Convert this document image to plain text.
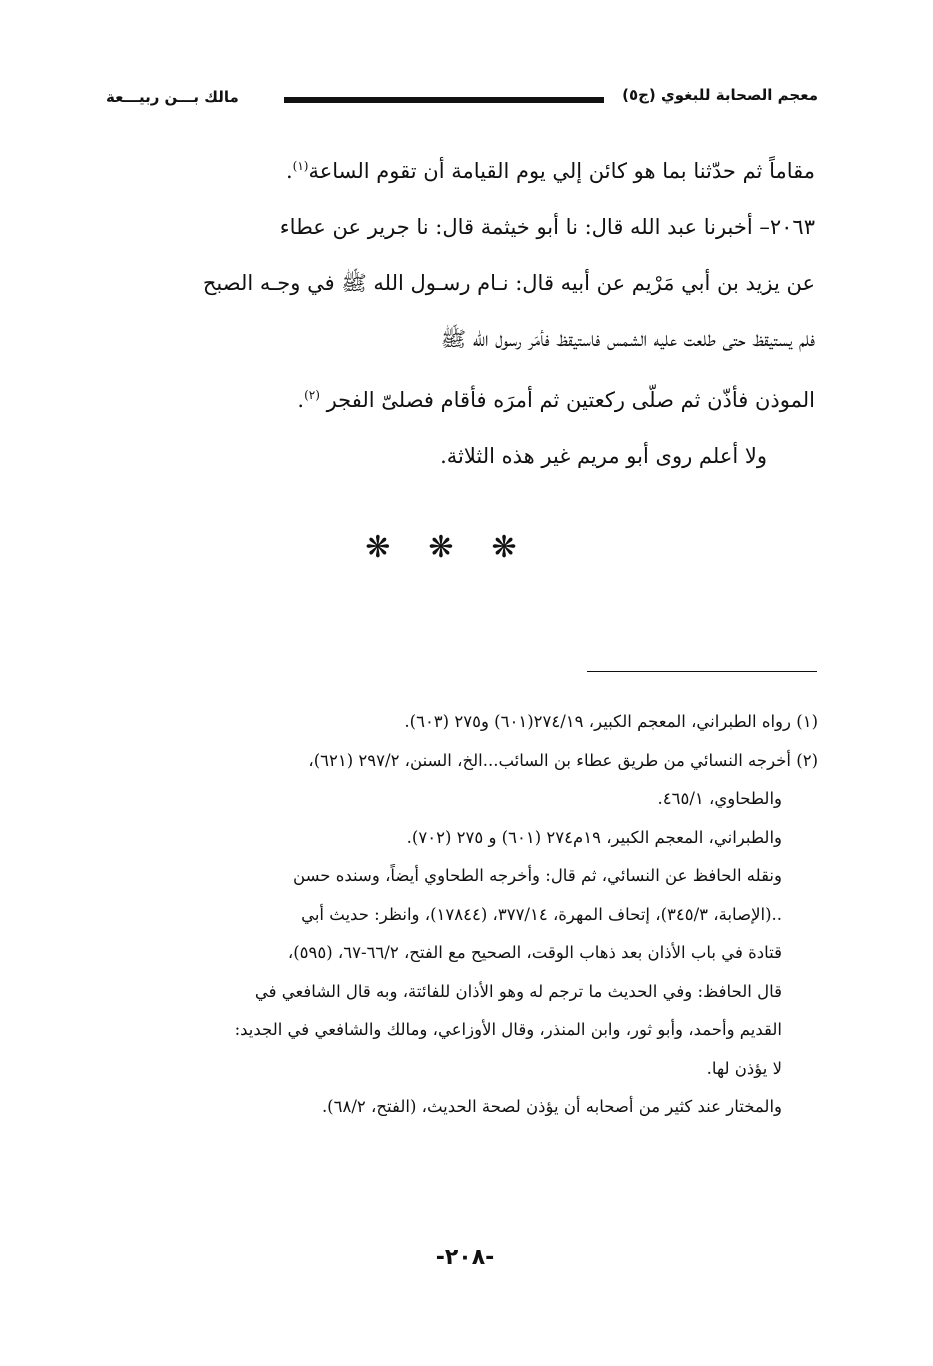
معجم الصحابة للبغوي (ج٥)
مالك بـــن ربيـــعة
مقاماً ثم حدّثنا بما هو كائن إلي يوم القيامة أن تقوم الساعة$^{(١)}$.
٢٠٦٣– أخبرنا عبد الله قال: نا أبو خيثمة قال: نا جرير عن عطاء
عن يزيد بن أبي مَرْيم عن أبيه قال: نـام رسـول الله ﷺ في وجـه الصبح
فلم يستيقظ حتى طلعت عليه الشمس فاستيقظ فأمَر رسول الله ﷺ
الموذن فأذّن ثم صلّى ركعتين ثم أمرَه فأقام فصلىّ الفجر $^{(٢)}$.
ولا أعلم روى أبو مريم غير هذه الثلاثة.
❋❋❋
(١) رواه الطبراني، المعجم الكبير، ٢٧٤/١٩(٦٠١) و٢٧٥ (٦٠٣).
(٢) أخرجه النسائي من طريق عطاء بن السائب...الخ، السنن، ٢٩٧/٢ (٦٢١)،
والطحاوي، ٤٦٥/١.
والطبراني، المعجم الكبير، ١٩م٢٧٤ (٦٠١) و ٢٧٥ (٧٠٢).
ونقله الحافظ عن النسائي، ثم قال: وأخرجه الطحاوي أيضاً، وسنده حسن
..(الإصابة، ٣٤٥/٣)، إتحاف المهرة، ٣٧٧/١٤، (١٧٨٤٤)، وانظر: حديث أبي
قتادة في باب الأذان بعد ذهاب الوقت، الصحيح مع الفتح، ٦٦/٢-٦٧، (٥٩٥)،
قال الحافظ: وفي الحديث ما ترجم له وهو الأذان للفائتة، وبه قال الشافعي في
القديم وأحمد، وأبو ثور، وابن المنذر، وقال الأوزاعي، ومالك والشافعي في الجديد:
لا يؤذن لها.
والمختار عند كثير من أصحابه أن يؤذن لصحة الحديث، (الفتح، ٦٨/٢).
-٢٠٨-
